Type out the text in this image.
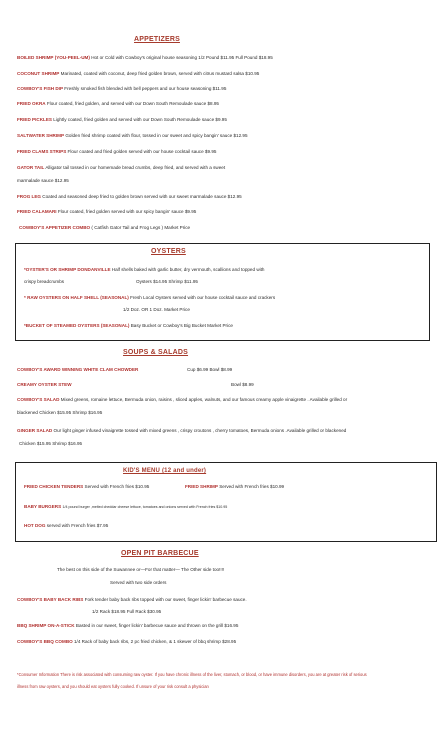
APPETIZERS
BOILED SHRIMP (YOU-PEEL-UM) Hot or Cold with Cowboy's original house seasoning 1/2 Pound $11.95 Full Pound $18.95
COCONUT SHRIMP Marinated, coated with coconut, deep fried golden brown, served with citrus mustard salsa $10.95
COWBOY'S FISH DIP Freshly smoked fish blended with bell peppers and our house seasoning $11.95
FRIED OKRA Flour coated, fried golden, and served with our Down South Remoulade sauce $8.95
FRIED PICKLES Lightly coated, fried golden and served with our Down South Remoulade sauce $9.95
SALTWATER SHRIMP Golden fried shrimp coated with flour, tossed in our sweet and spicy bangin' sauce $12.95
FRIED CLAMS STRIPS Flour coated and fried golden served with our house cocktail sauce $9.95
GATOR TAIL Alligator tail tossed in our homemade bread crumbs, deep fried, and served with a sweet
marmalade sauce $12.95
FROG LEG Coated and seasoned deep fried to golden brown served with our sweet marmalade sauce $12.95
FRIED CALAMARI Flour coated, fried golden served with our spicy bangin' sauce $9.95
COWBOY'S APPETIZER COMBO ( Catfish Gator Tail and Frog Legs ) Market Price
OYSTERS
*OYSTER'S OR SHRIMP DONDANVILLE Half shells baked with garlic butter, dry vermouth, scallions and topped with
crispy breadcrumbs	Oysters $14.95 Shrimp $11.95
* RAW OYSTERS ON HALF SHELL (SEASONAL) Fresh Local Oysters served with our house cocktail sauce and crackers
1/2 Doz. OR 1 Doz. Market Price
*BUCKET OF STEAMED OYSTERS (SEASONAL) Basy Bucket or Cowboy's Big Bucket Market Price
SOUPS & SALADS
COWBOY'S AWARD WINNING WHITE CLAM CHOWDER	Cup $6.99 Bowl $8.99
CREAMY OYSTER STEW	Bowl $8.99
COWBOY'S SALAD Mixed greens, romaine lettuce, Bermuda onion, raisins , sliced apples, walnuts, and our famous creamy apple vinaigrette . Available grilled or
blackened Chicken $15.95 Shrimp $16.95
GINGER SALAD Our light ginger infused vinaigrette tossed with mixed greens , crispy croutons , cherry tomatoes, Bermuda onions .Available grilled or blackened
Chicken $15.95 Shrimp $16.95
KID'S MENU (12 and under)
FRIED CHICKEN TENDERS Served with French fries $10.95	FRIED SHRIMP Served with French fries $10.99
BABY BURGERS 1/4 pound burger ,melted cheddar cheese lettuce, tomatoes and onions served with French fries $10.95
HOT DOG served with French fries $7.95
OPEN PIT BARBECUE
The best on this side of the Suwannee or—For that matter— The Other side too!!!!
Served with two side orders
COWBOY'S BABY BACK RIBS Fork tender baby back ribs topped with our sweet, finger lickin' barbecue sauce.
1/2 Rack $18.95 Full Rack $30.95
BBQ SHRIMP ON-A-STICK Basted in our sweet, finger lickin' barbecue sauce and thrown on the grill $16.95
COWBOY'S BBQ COMBO 1/4 Rack of baby back ribs, 2 pc fried chicken, & 1 skewer of bbq shrimp $28.95
*Consumer Information There is risk associated with consuming raw oyster. If you have chronic illness of the liver, stomach, or blood, or have immune disorders, you are at greater risk of serious
illness from raw oysters, and you should eat oysters fully cooked. If unsure of your risk consult a physician
